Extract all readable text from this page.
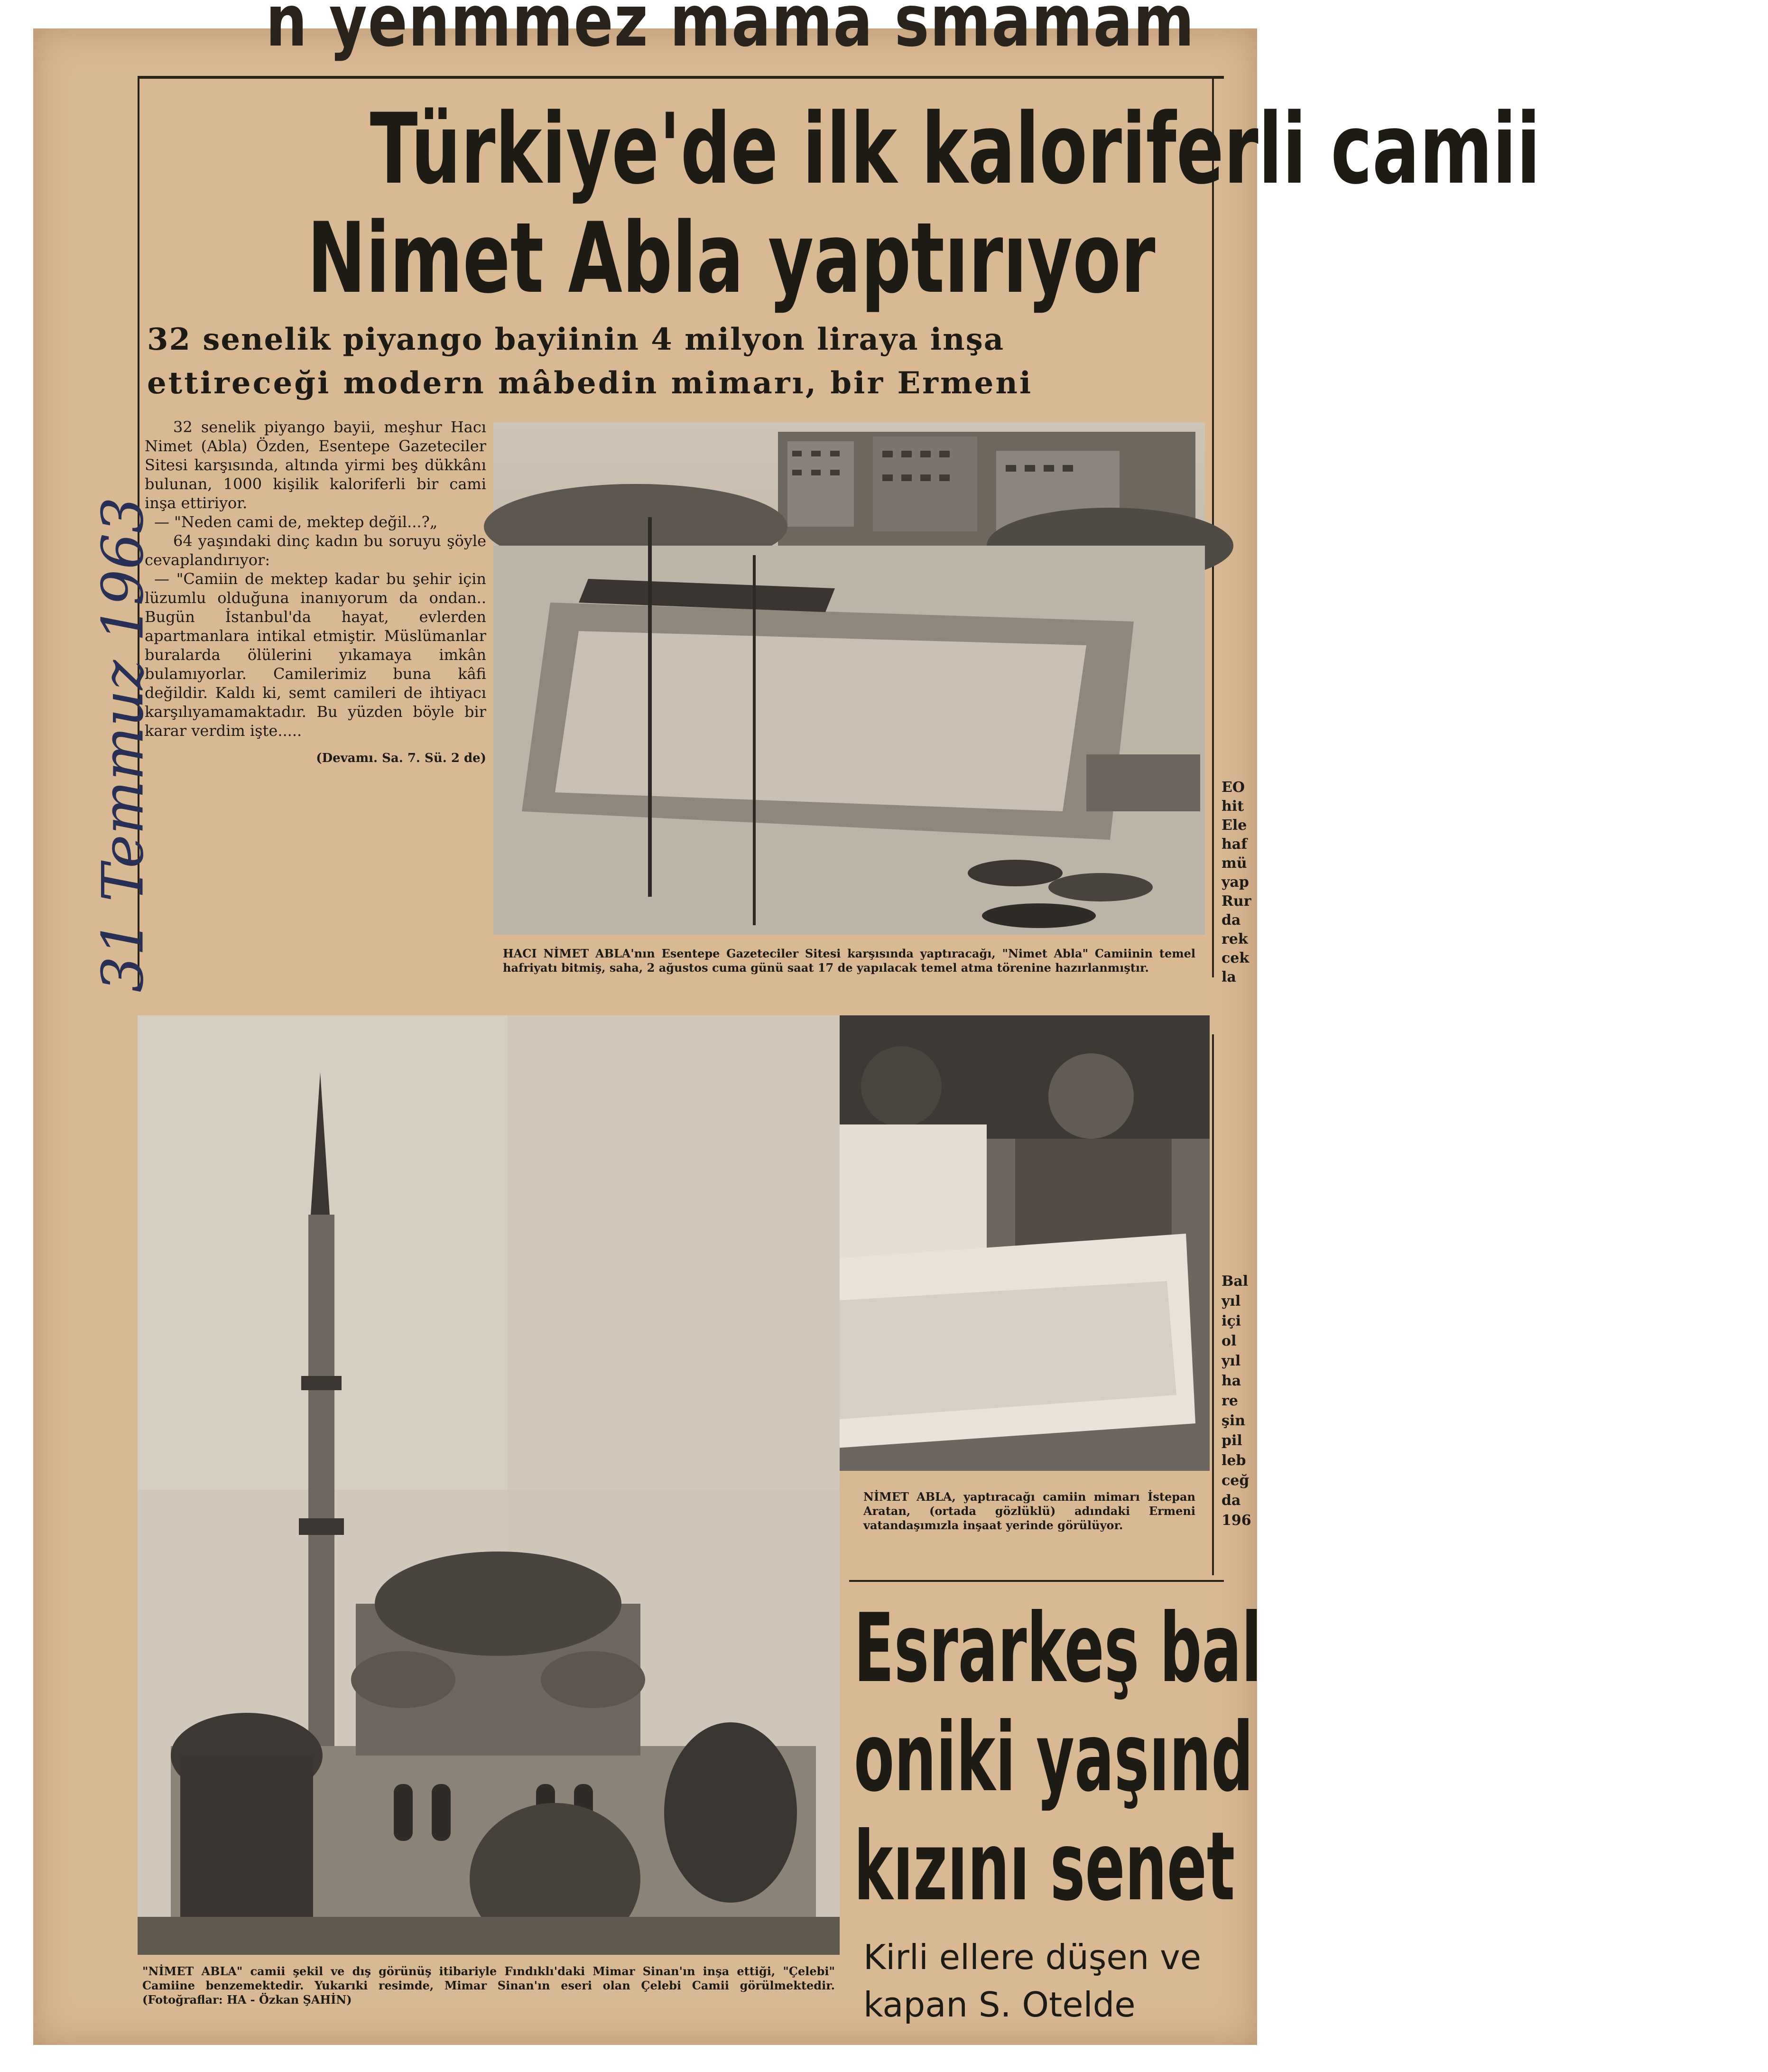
n yenmmez mama smamam
31 Temmuz 1963
Türkiye'de ilk kaloriferli camii
Nimet Abla yaptırıyor
32 senelik piyango bayiinin 4 milyon liraya inşa
ettireceği modern mâbedin mimarı, bir Ermeni

32 senelik piyango bayii, meşhur Hacı Nimet (Abla) Özden, Esentepe Gazeteciler Sitesi karşısında, altında yirmi beş dükkânı bulunan, 1000 kişilik kaloriferli bir cami inşa ettiriyor.

— "Neden cami de, mektep değil...?„

64 yaşındaki dinç kadın bu soruyu şöyle cevaplandırıyor:

— "Camiin de mektep kadar bu şehir için lüzumlu olduğuna inanıyorum da ondan.. Bugün İstanbul'da hayat, evlerden apartmanlara intikal etmiştir. Müslümanlar buralarda ölülerini yıkamaya imkân bulamıyorlar. Camilerimiz buna kâfi değildir. Kaldı ki, semt camileri de ihtiyacı karşılıyamamaktadır. Bu yüzden böyle bir karar verdim işte.....

(Devamı. Sa. 7. Sü. 2 de)

HACI NİMET ABLA'nın Esentepe Gazeteciler Sitesi karşısında yaptıracağı, "Nimet Abla" Camiinin temel hafriyatı bitmiş, saha, 2 ağustos cuma günü saat 17 de yapılacak temel atma törenine hazırlanmıştır.
NİMET ABLA, yaptıracağı camiin mimarı İstepan Aratan, (ortada gözlüklü) adındaki Ermeni vatandaşımızla inşaat yerinde görülüyor.
"NİMET ABLA" camii şekil ve dış görünüş itibariyle Fındıklı'daki Mimar Sinan'ın inşa ettiği, "Çelebi" Camiine benzemektedir. Yukarıki resimde, Mimar Sinan'ın eseri olan Çelebi Camii görülmektedir. (Fotoğraflar: HA - Özkan ŞAHİN)
EO
hit
Ele
haf
mü
yap
Rur
da
rek
cek
la
Bal
yıl
içi
ol
yıl
ha
re
şin
pil
leb
ceğ
da
196
Esrarkeş bal
oniki yaşınd
kızını senet
Kirli ellere düşen ve
kapan S. Otelde
